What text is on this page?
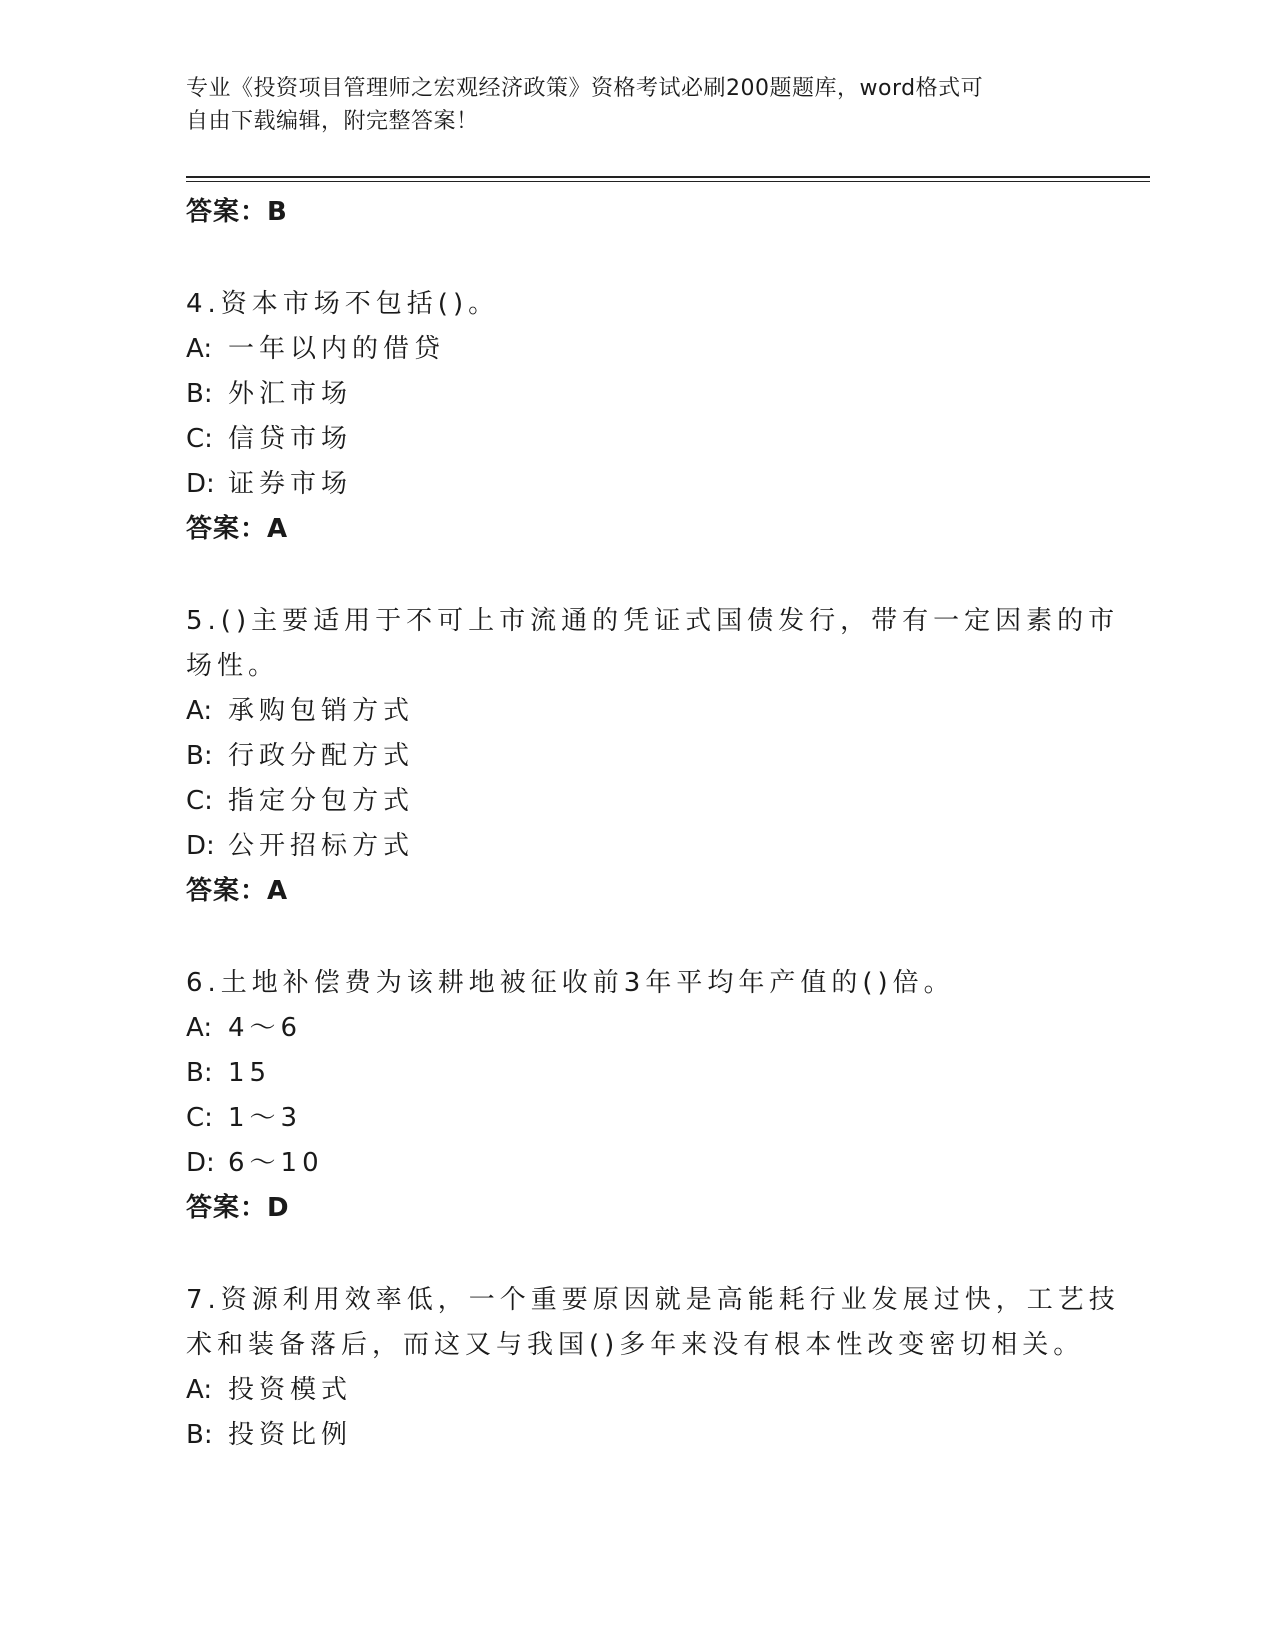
专业《投资项目管理师之宏观经济政策》资格考试必刷200题题库，word格式可
自由下载编辑，附完整答案！
答案：B
4.资本市场不包括()。
A: 一年以内的借贷
B: 外汇市场
C: 信贷市场
D: 证券市场
答案：A
5.()主要适用于不可上市流通的凭证式国债发行，带有一定因素的市
场性。
A: 承购包销方式
B: 行政分配方式
C: 指定分包方式
D: 公开招标方式
答案：A
6.土地补偿费为该耕地被征收前3年平均年产值的()倍。
A: 4～6
B: 15
C: 1～3
D: 6～10
答案：D
7.资源利用效率低，一个重要原因就是高能耗行业发展过快，工艺技
术和装备落后，而这又与我国()多年来没有根本性改变密切相关。
A: 投资模式
B: 投资比例
